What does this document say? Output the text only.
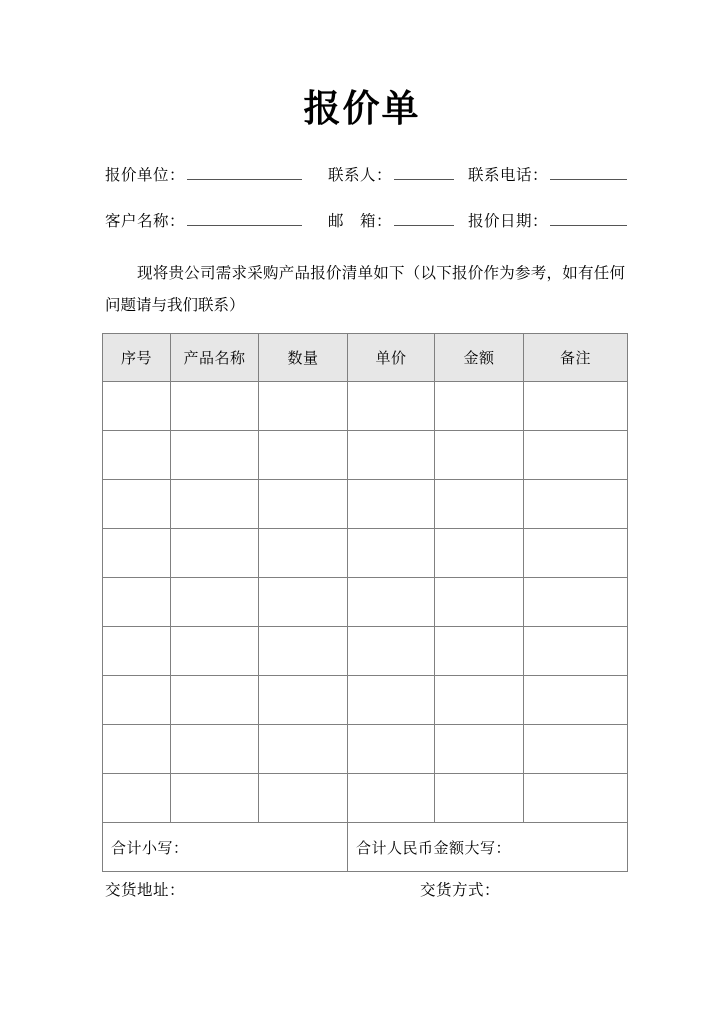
报价单
报价单位：	联系人：	联系电话：
客户名称：	邮　箱：	报价日期：
现将贵公司需求采购产品报价清单如下（以下报价作为参考，如有任何问题请与我们联系）
序号	产品名称	数量	单价	金额	备注

合计小写：			合计人民币金额大写：		
交货地址：	交货方式：
